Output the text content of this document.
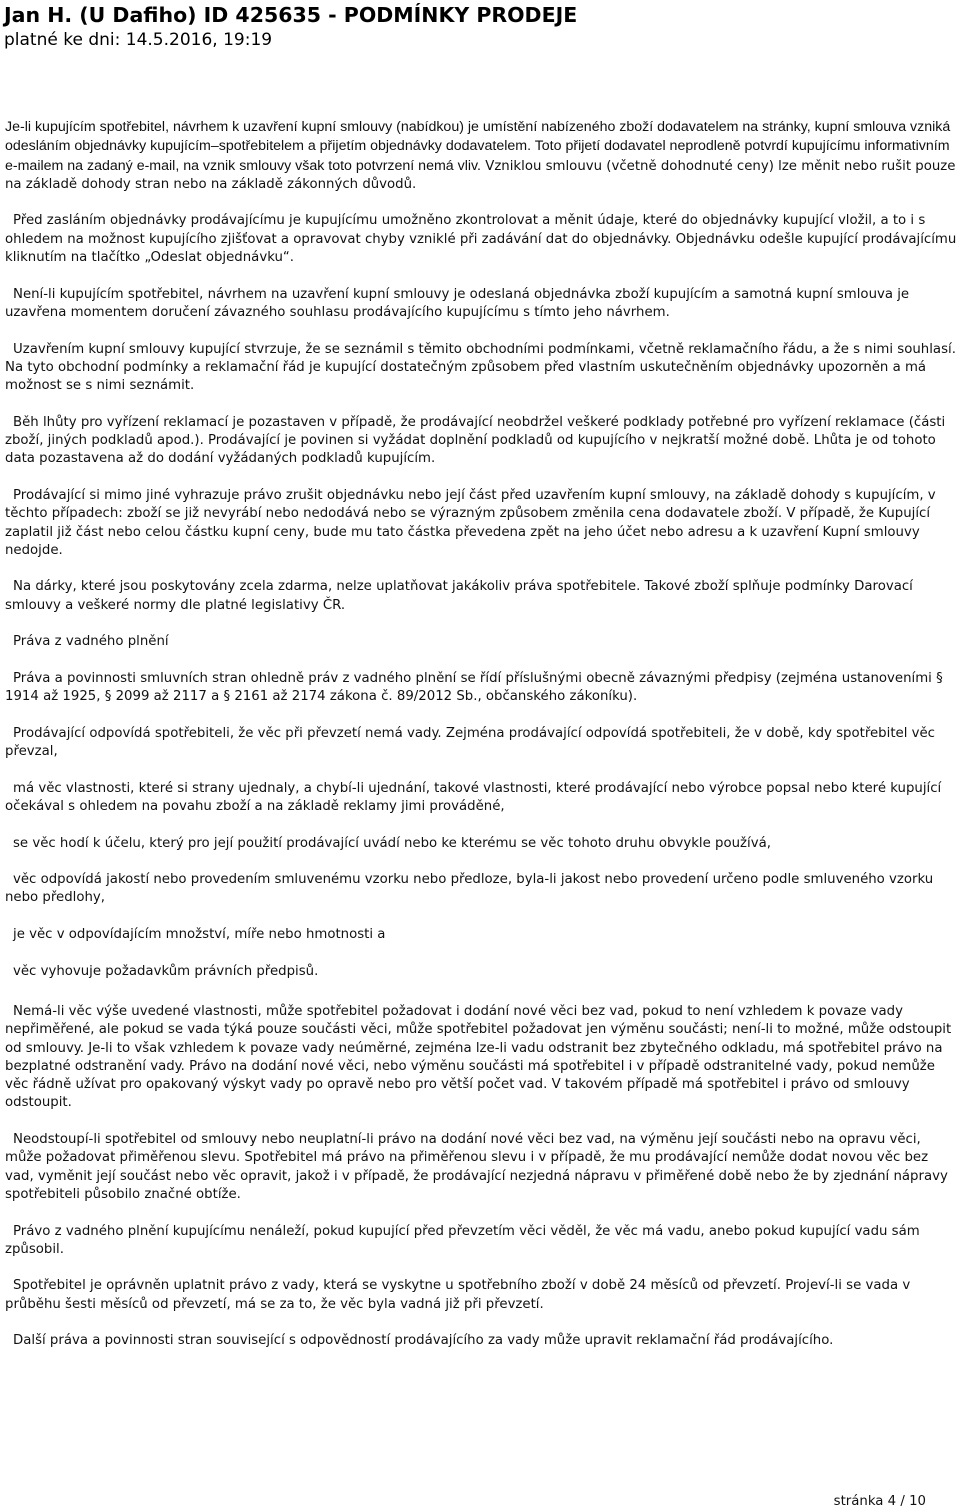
Jan H. (U Dafiho) ID 425635 - PODMÍNKY PRODEJE
platné ke dni: 14.5.2016, 19:19

Je-li kupujícím spotřebitel, návrhem k uzavření kupní smlouvy (nabídkou) je umístění nabízeného zboží dodavatelem na stránky, kupní smlouva vzniká odesláním objednávky kupujícím–spotřebitelem a přijetím objednávky dodavatelem. Toto přijetí dodavatel neprodleně potvrdí kupujícímu informativním e-mailem na zadaný e-mail, na vznik smlouvy však toto potvrzení nemá vliv. Vzniklou smlouvu (včetně dohodnuté ceny) lze měnit nebo rušit pouze na základě dohody stran nebo na základě zákonných důvodů.

Před zasláním objednávky prodávajícímu je kupujícímu umožněno zkontrolovat a měnit údaje, které do objednávky kupující vložil, a to i s ohledem na možnost kupujícího zjišťovat a opravovat chyby vzniklé při zadávání dat do objednávky. Objednávku odešle kupující prodávajícímu kliknutím na tlačítko „Odeslat objednávku“.

Není-li kupujícím spotřebitel, návrhem na uzavření kupní smlouvy je odeslaná objednávka zboží kupujícím a samotná kupní smlouva je uzavřena momentem doručení závazného souhlasu prodávajícího kupujícímu s tímto jeho návrhem.

Uzavřením kupní smlouvy kupující stvrzuje, že se seznámil s těmito obchodními podmínkami, včetně reklamačního řádu, a že s nimi souhlasí. Na tyto obchodní podmínky a reklamační řád je kupující dostatečným způsobem před vlastním uskutečněním objednávky upozorněn a má možnost se s nimi seznámit.

Běh lhůty pro vyřízení reklamací je pozastaven v případě, že prodávající neobdržel veškeré podklady potřebné pro vyřízení reklamace (části zboží, jiných podkladů apod.). Prodávající je povinen si vyžádat doplnění podkladů od kupujícího v nejkratší možné době. Lhůta je od tohoto data pozastavena až do dodání vyžádaných podkladů kupujícím.

Prodávající si mimo jiné vyhrazuje právo zrušit objednávku nebo její část před uzavřením kupní smlouvy, na základě dohody s kupujícím, v těchto případech: zboží se již nevyrábí nebo nedodává nebo se výrazným způsobem změnila cena dodavatele zboží. V případě, že Kupující zaplatil již část nebo celou částku kupní ceny, bude mu tato částka převedena zpět na jeho účet nebo adresu a k uzavření Kupní smlouvy nedojde.

Na dárky, které jsou poskytovány zcela zdarma, nelze uplatňovat jakákoliv práva spotřebitele. Takové zboží splňuje podmínky Darovací smlouvy a veškeré normy dle platné legislativy ČR.

Práva z vadného plnění

Práva a povinnosti smluvních stran ohledně práv z vadného plnění se řídí příslušnými obecně závaznými předpisy (zejména ustanoveními § 1914 až 1925, § 2099 až 2117 a § 2161 až 2174 zákona č. 89/2012 Sb., občanského zákoníku).

Prodávající odpovídá spotřebiteli, že věc při převzetí nemá vady. Zejména prodávající odpovídá spotřebiteli, že v době, kdy spotřebitel věc převzal,

má věc vlastnosti, které si strany ujednaly, a chybí-li ujednání, takové vlastnosti, které prodávající nebo výrobce popsal nebo které kupující očekával s ohledem na povahu zboží a na základě reklamy jimi prováděné,

se věc hodí k účelu, který pro její použití prodávající uvádí nebo ke kterému se věc tohoto druhu obvykle používá,

věc odpovídá jakostí nebo provedením smluvenému vzorku nebo předloze, byla-li jakost nebo provedení určeno podle smluveného vzorku nebo předlohy,

je věc v odpovídajícím množství, míře nebo hmotnosti a

věc vyhovuje požadavkům právních předpisů.

Nemá-li věc výše uvedené vlastnosti, může spotřebitel požadovat i dodání nové věci bez vad, pokud to není vzhledem k povaze vady nepřiměřené, ale pokud se vada týká pouze součásti věci, může spotřebitel požadovat jen výměnu součásti; není-li to možné, může odstoupit od smlouvy. Je-li to však vzhledem k povaze vady neúměrné, zejména lze-li vadu odstranit bez zbytečného odkladu, má spotřebitel právo na bezplatné odstranění vady. Právo na dodání nové věci, nebo výměnu součásti má spotřebitel i v případě odstranitelné vady, pokud nemůže věc řádně užívat pro opakovaný výskyt vady po opravě nebo pro větší počet vad. V takovém případě má spotřebitel i právo od smlouvy odstoupit.

Neodstoupí-li spotřebitel od smlouvy nebo neuplatní-li právo na dodání nové věci bez vad, na výměnu její součásti nebo na opravu věci, může požadovat přiměřenou slevu. Spotřebitel má právo na přiměřenou slevu i v případě, že mu prodávající nemůže dodat novou věc bez vad, vyměnit její součást nebo věc opravit, jakož i v případě, že prodávající nezjedná nápravu v přiměřené době nebo že by zjednání nápravy spotřebiteli působilo značné obtíže.

Právo z vadného plnění kupujícímu nenáleží, pokud kupující před převzetím věci věděl, že věc má vadu, anebo pokud kupující vadu sám způsobil.

Spotřebitel je oprávněn uplatnit právo z vady, která se vyskytne u spotřebního zboží v době 24 měsíců od převzetí. Projeví-li se vada v průběhu šesti měsíců od převzetí, má se za to, že věc byla vadná již při převzetí.

Další práva a povinnosti stran související s odpovědností prodávajícího za vady může upravit reklamační řád prodávajícího.

stránka 4 / 10
